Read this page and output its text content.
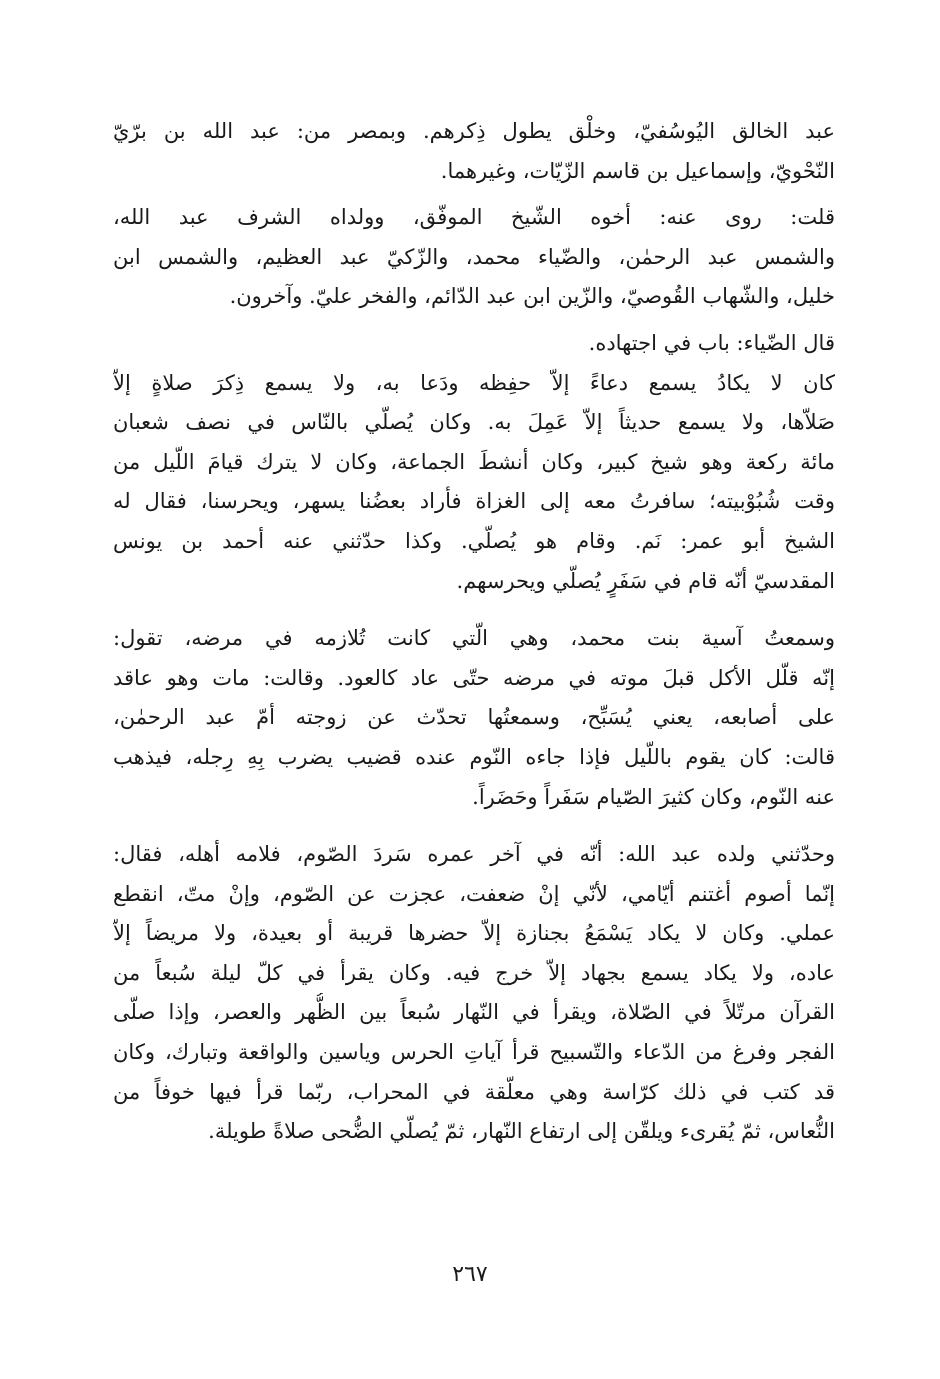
عبد الخالق اليُوسُفيّ، وخلْق يطول ذِكرهم. وبمصر من: عبد الله بن برّيّ
النّحْويّ، وإسماعيل بن قاسم الزّيّات، وغيرهما.
قلت: روى عنه: أخوه الشّيخ الموفّق، وولداه الشرف عبد الله،
والشمس عبد الرحمٰن، والضّياء محمد، والزّكيّ عبد العظيم، والشمس ابن
خليل، والشّهاب القُوصيّ، والزّين ابن عبد الدّائم، والفخر عليّ. وآخرون.
قال الضّياء: باب في اجتهاده.
كان لا يكادُ يسمع دعاءً إلاّ حفِظه ودَعا به، ولا يسمع ذِكرَ صلاةٍ إلاّ
صَلاّها، ولا يسمع حديثاً إلاّ عَمِلَ به. وكان يُصلّي بالنّاس في نصف شعبان
مائة ركعة وهو شيخ كبير، وكان أنشطَ الجماعة، وكان لا يترك قيامَ اللّيل من
وقت شُبُوْبيته؛ سافرتُ معه إلى الغزاة فأراد بعضُنا يسهر، ويحرسنا، فقال له
الشيخ أبو عمر: نَم. وقام هو يُصلّي. وكذا حدّثني عنه أحمد بن يونس
المقدسيّ أنّه قام في سَفَرٍ يُصلّي ويحرسهم.
وسمعتُ آسية بنت محمد، وهي الّتي كانت تُلازمه في مرضه، تقول:
إنّه قلّل الأكل قبلَ موته في مرضه حتّى عاد كالعود. وقالت: مات وهو عاقد
على أصابعه، يعني يُسَبِّح، وسمعتُها تحدّث عن زوجته أمّ عبد الرحمٰن،
قالت: كان يقوم باللّيل فإذا جاءه النّوم عنده قضيب يضرب بِهِ رِجله، فيذهب
عنه النّوم، وكان كثيرَ الصّيام سَفَراً وحَضَراً.
وحدّثني ولده عبد الله: أنّه في آخر عمره سَردَ الصّوم، فلامه أهله، فقال:
إنّما أصوم أغتنم أيّامي، لأنّي إنْ ضعفت، عجزت عن الصّوم، وإنْ متّ، انقطع
عملي. وكان لا يكاد يَسْمَعُ بجنازة إلاّ حضرها قريبة أو بعيدة، ولا مريضاً إلاّ
عاده، ولا يكاد يسمع بجهاد إلاّ خرج فيه. وكان يقرأ في كلّ ليلة سُبعاً من
القرآن مرتّلاً في الصّلاة، ويقرأ في النّهار سُبعاً بين الظُّهر والعصر، وإذا صلّى
الفجر وفرغ من الدّعاء والتّسبيح قرأ آياتِ الحرس وياسين والواقعة وتبارك، وكان
قد كتب في ذلك كرّاسة وهي معلّقة في المحراب، ربّما قرأ فيها خوفاً من
النُّعاس، ثمّ يُقرىء ويلقّن إلى ارتفاع النّهار، ثمّ يُصلّي الضُّحى صلاةً طويلة.
٢٦٧
